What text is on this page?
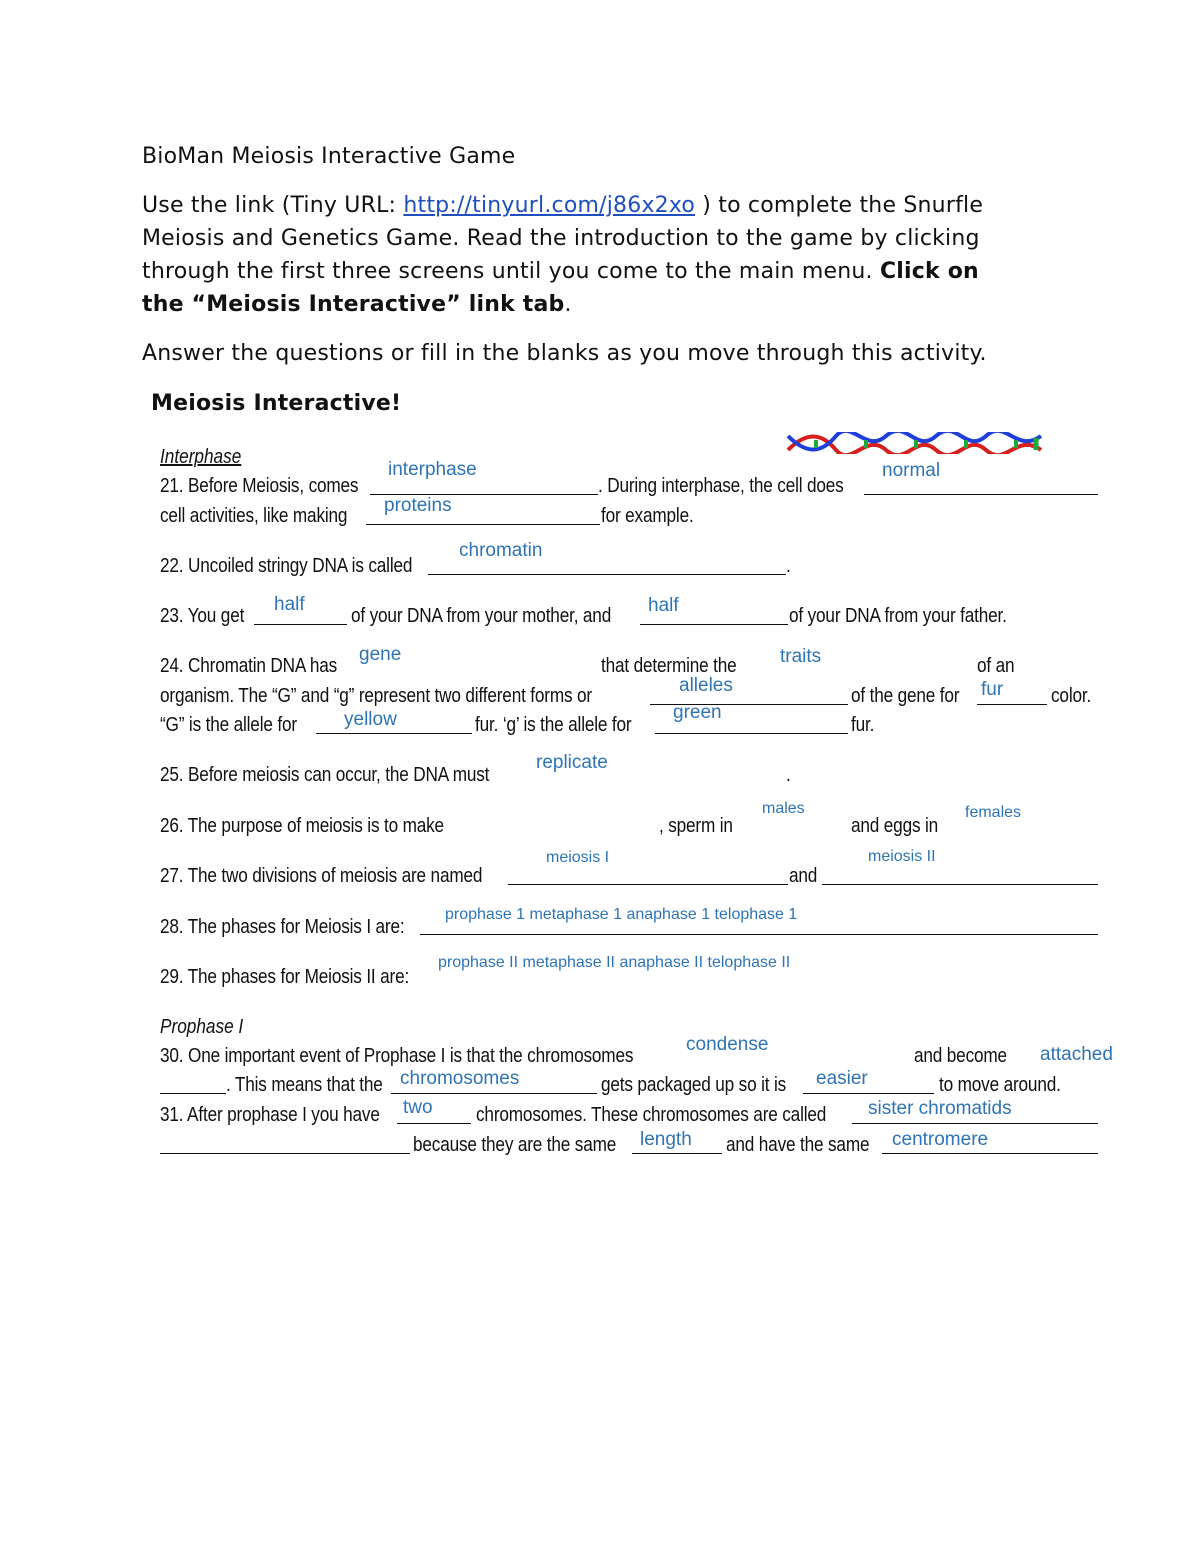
BioMan Meiosis Interactive Game
Use the link (Tiny URL: http://tinyurl.com/j86x2xo ) to complete the Snurfle
Meiosis and Genetics Game. Read the introduction to the game by clicking
through the first three screens until you come to the main menu. Click on
the “Meiosis Interactive” link tab.
Answer the questions or fill in the blanks as you move through this activity.
Meiosis Interactive!
Interphase
21. Before Meiosis, comes	. During interphase, the cell does
cell activities, like making	for example.
interphase	normal
proteins
22. Uncoiled stringy DNA is called	.
chromatin
23. You get	of your DNA from your mother, and	of your DNA from your father.
half	half
24. Chromatin DNA has	that determine the	of an
organism. The “G” and “g” represent two different forms or	of the gene for	color.
“G” is the allele for	fur. ‘g’ is the allele for	fur.
gene	traits
alleles	fur
yellow	green
25. Before meiosis can occur, the DNA must	.
replicate
26. The purpose of meiosis is to make	, sperm in	and eggs in
males	females
27. The two divisions of meiosis are named	and
meiosis I	meiosis II
28. The phases for Meiosis I are:
prophase 1 metaphase 1 anaphase 1 telophase 1
29. The phases for Meiosis II are:
prophase II metaphase II anaphase II telophase II
Prophase I
30. One important event of Prophase I is that the chromosomes	and become
. This means that the	gets packaged up so it is	to move around.
condense	attached
chromosomes	easier
31. After prophase I you have	chromosomes. These chromosomes are called
because they are the same	and have the same
two	sister chromatids
length	centromere
